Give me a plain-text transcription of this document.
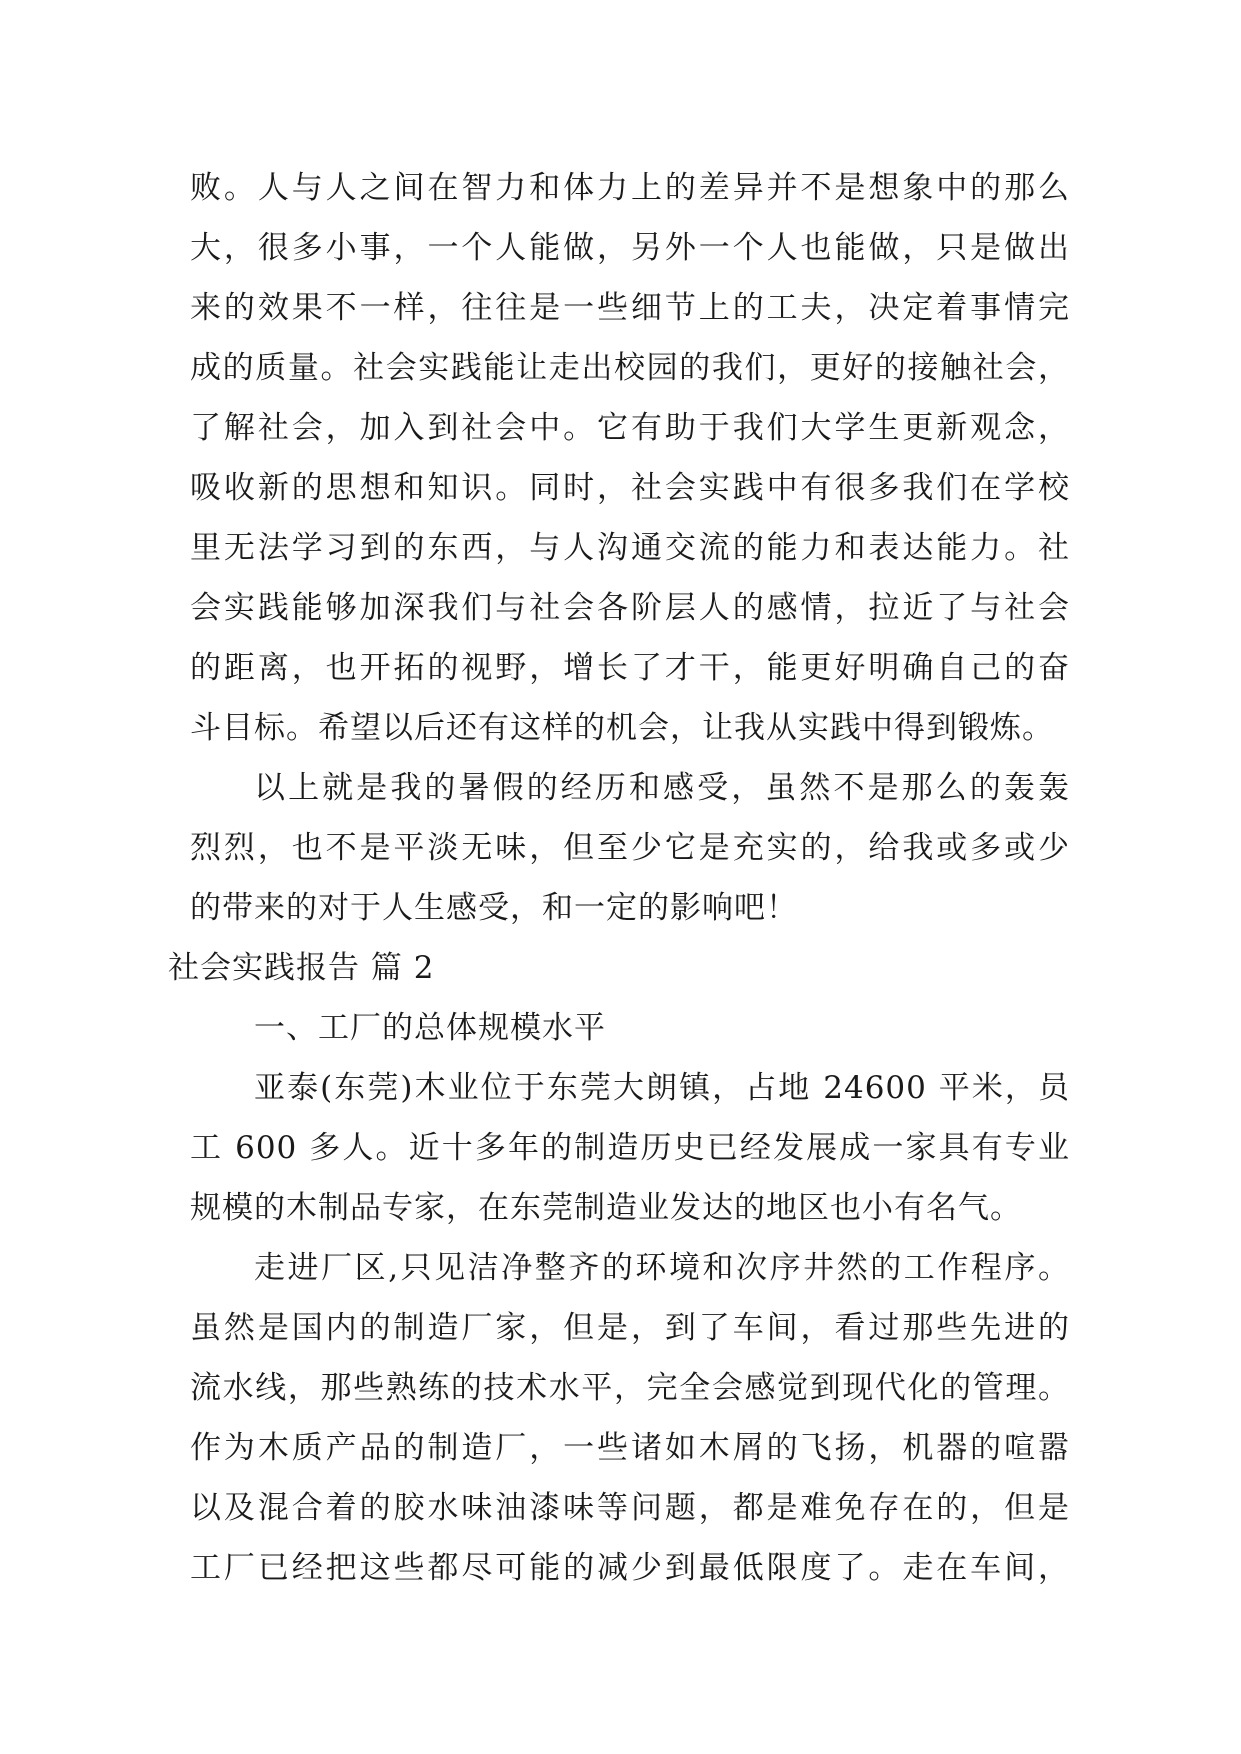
败。人与人之间在智力和体力上的差异并不是想象中的那么
大，很多小事，一个人能做，另外一个人也能做，只是做出
来的效果不一样，往往是一些细节上的工夫，决定着事情完
成的质量。社会实践能让走出校园的我们，更好的接触社会，
了解社会，加入到社会中。它有助于我们大学生更新观念，
吸收新的思想和知识。同时，社会实践中有很多我们在学校
里无法学习到的东西，与人沟通交流的能力和表达能力。社
会实践能够加深我们与社会各阶层人的感情，拉近了与社会
的距离，也开拓的视野，增长了才干，能更好明确自己的奋
斗目标。希望以后还有这样的机会，让我从实践中得到锻炼。
以上就是我的暑假的经历和感受，虽然不是那么的轰轰
烈烈，也不是平淡无味，但至少它是充实的，给我或多或少
的带来的对于人生感受，和一定的影响吧！
社会实践报告 篇 2
一、工厂的总体规模水平
亚泰(东莞)木业位于东莞大朗镇，占地 24600 平米，员
工 600 多人。近十多年的制造历史已经发展成一家具有专业
规模的木制品专家，在东莞制造业发达的地区也小有名气。
走进厂区,只见洁净整齐的环境和次序井然的工作程序。
虽然是国内的制造厂家，但是，到了车间，看过那些先进的
流水线，那些熟练的技术水平，完全会感觉到现代化的管理。
作为木质产品的制造厂，一些诸如木屑的飞扬，机器的喧嚣
以及混合着的胶水味油漆味等问题，都是难免存在的，但是
工厂已经把这些都尽可能的减少到最低限度了。走在车间，
